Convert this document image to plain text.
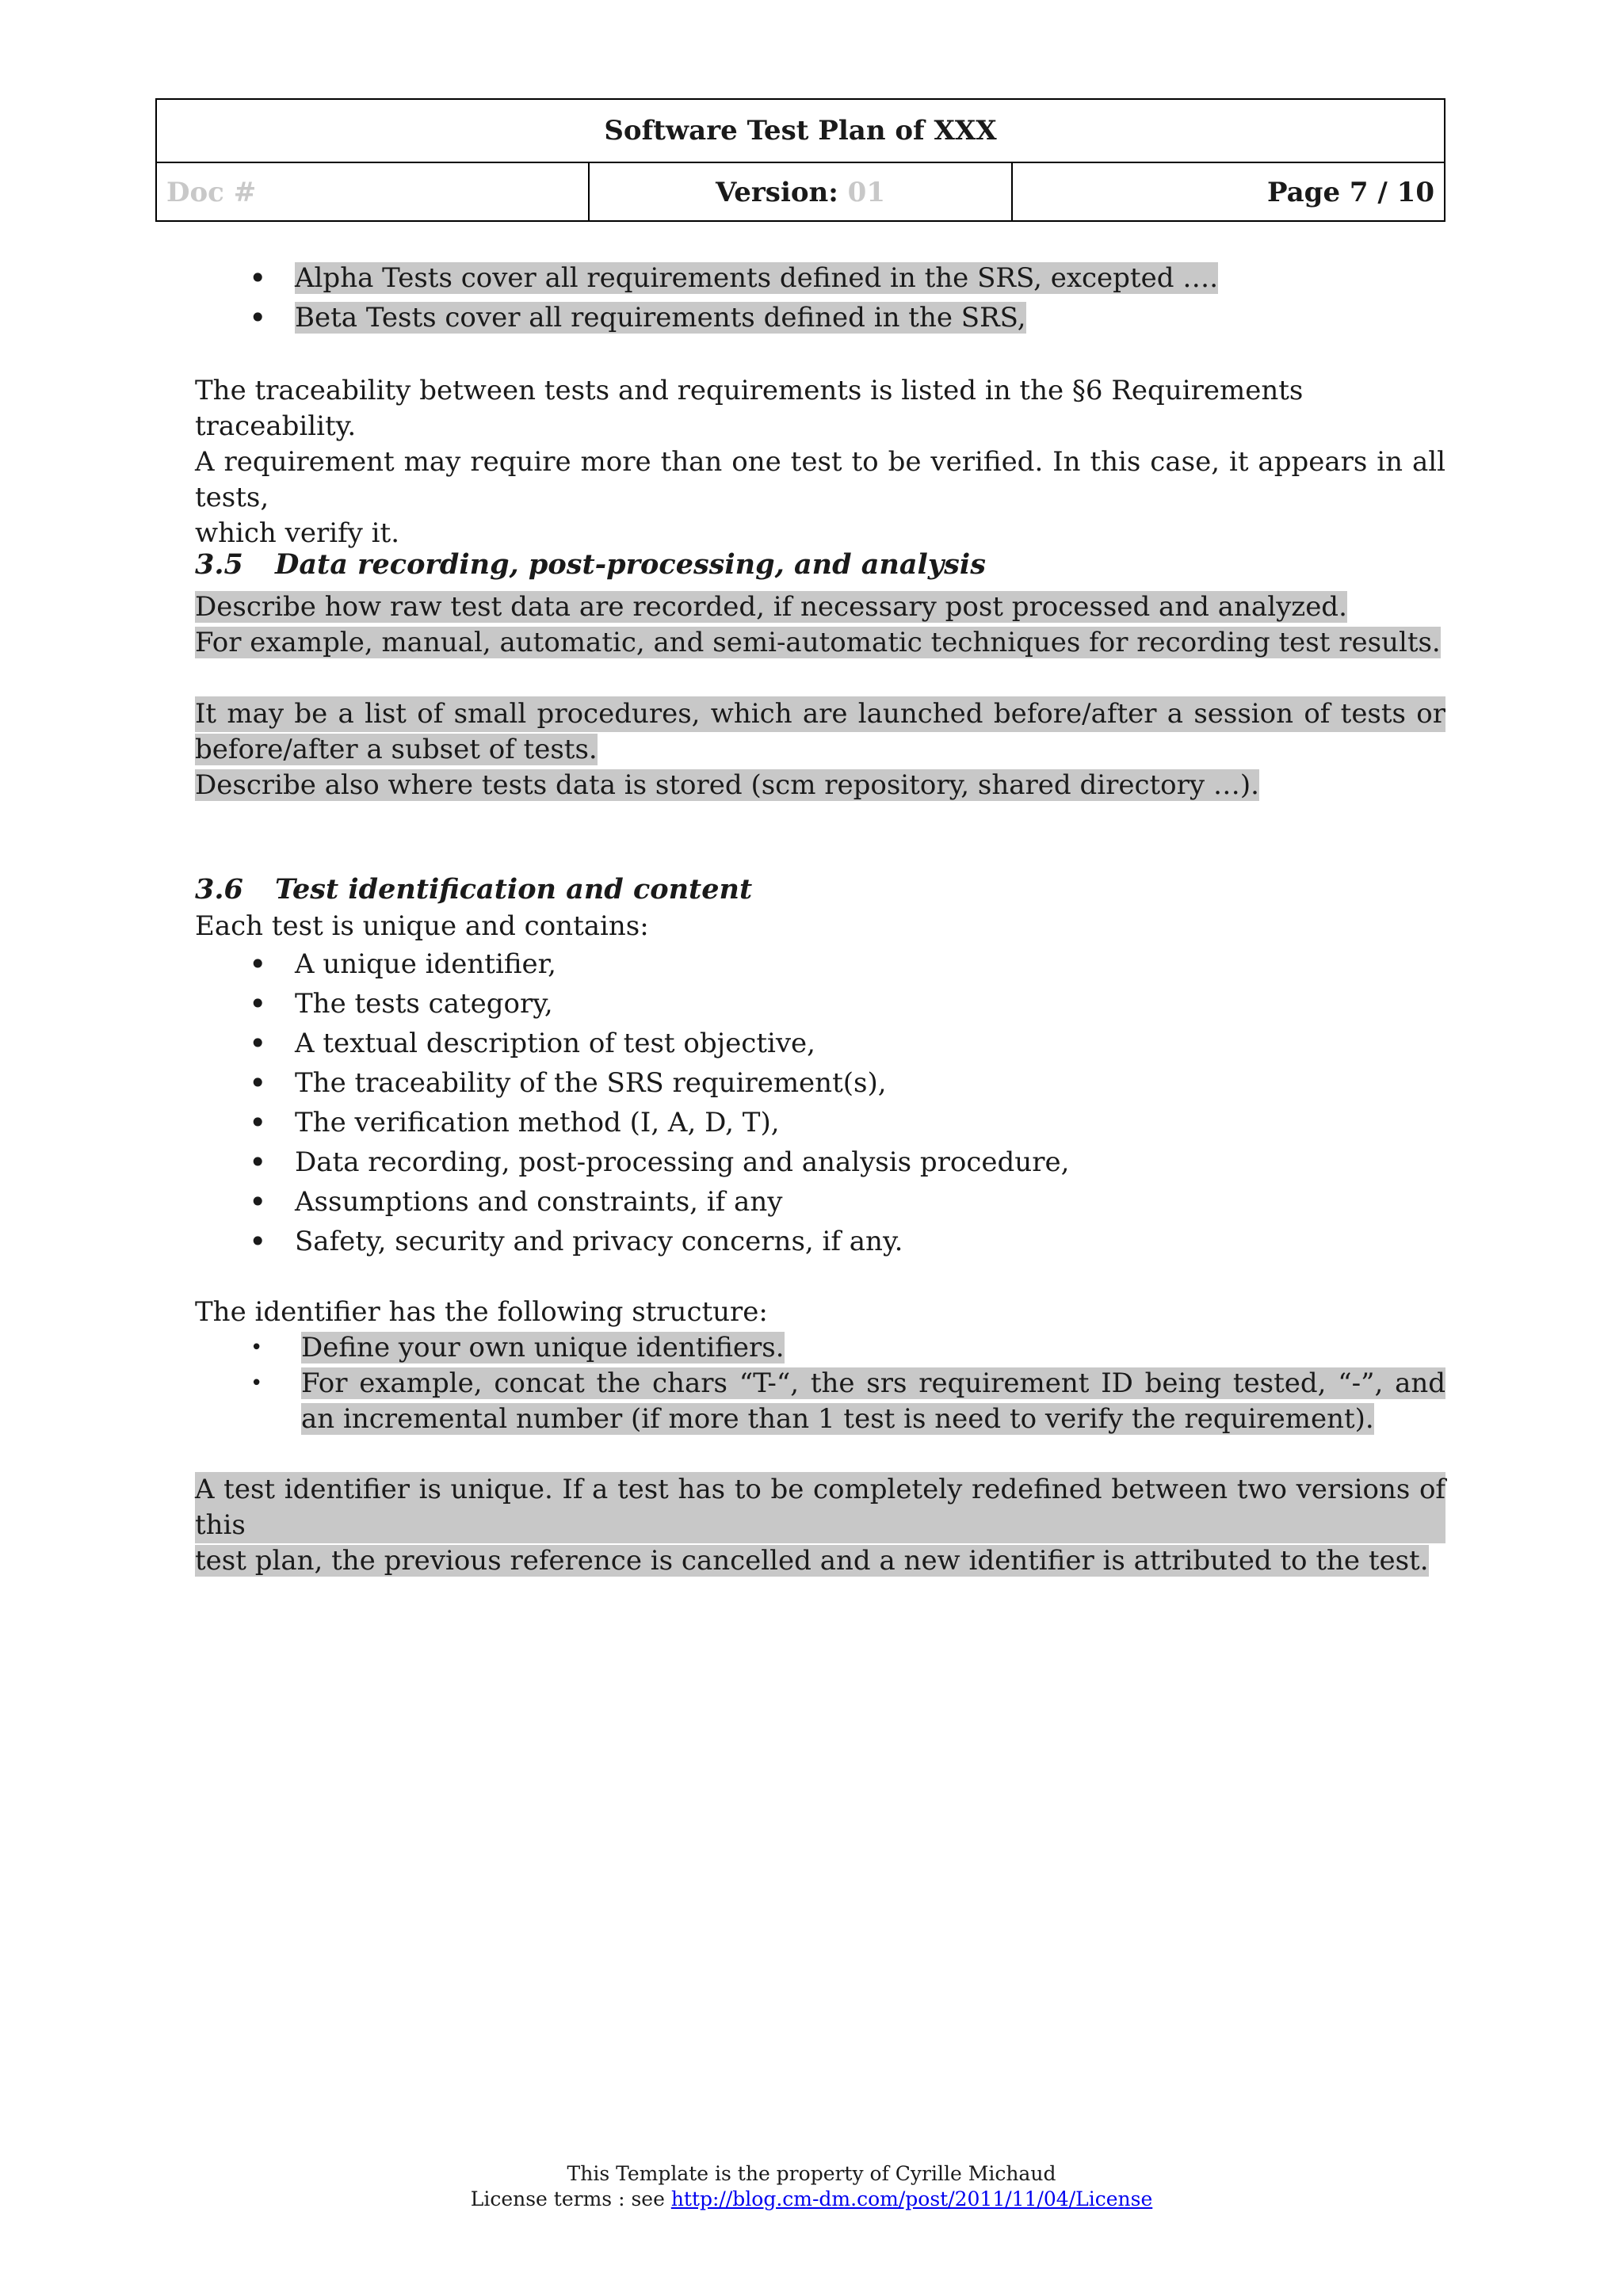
Software Test Plan of XXX
Doc #	Version:
01	Page 7 / 10
• Alpha Tests cover all requirements defined in the SRS, excepted ….
• Beta Tests cover all requirements defined in the SRS,

The traceability between tests and requirements is listed in the §6 Requirements traceability.

A requirement may require more than one test to be verified. In this case, it appears in all tests,

which verify it.

3.5 Data recording, post-processing, and analysis

Describe how raw test data are recorded, if necessary post processed and analyzed.

For example, manual, automatic, and semi-automatic techniques for recording test results.

It may be a list of small procedures, which are launched before/after a session of tests or

before/after a subset of tests.

Describe also where tests data is stored (scm repository, shared directory …).

3.6 Test identification and content

Each test is unique and contains:

• A unique identifier,
• The tests category,
• A textual description of test objective,
• The traceability of the SRS requirement(s),
• The verification method (I, A, D, T),
• Data recording, post-processing and analysis procedure,
• Assumptions and constraints, if any
• Safety, security and privacy concerns, if any.

The identifier has the following structure:

• Define your own unique identifiers.
• For example, concat the chars “T-“, the srs requirement ID being tested, “-”, and an incremental number (if more than 1 test is need to verify the requirement).

A test identifier is unique. If a test has to be completely redefined between two versions of this

test plan, the previous reference is cancelled and a new identifier is attributed to the test.

This Template is the property of Cyrille Michaud
License terms : see http://blog.cm-dm.com/post/2011/11/04/License
